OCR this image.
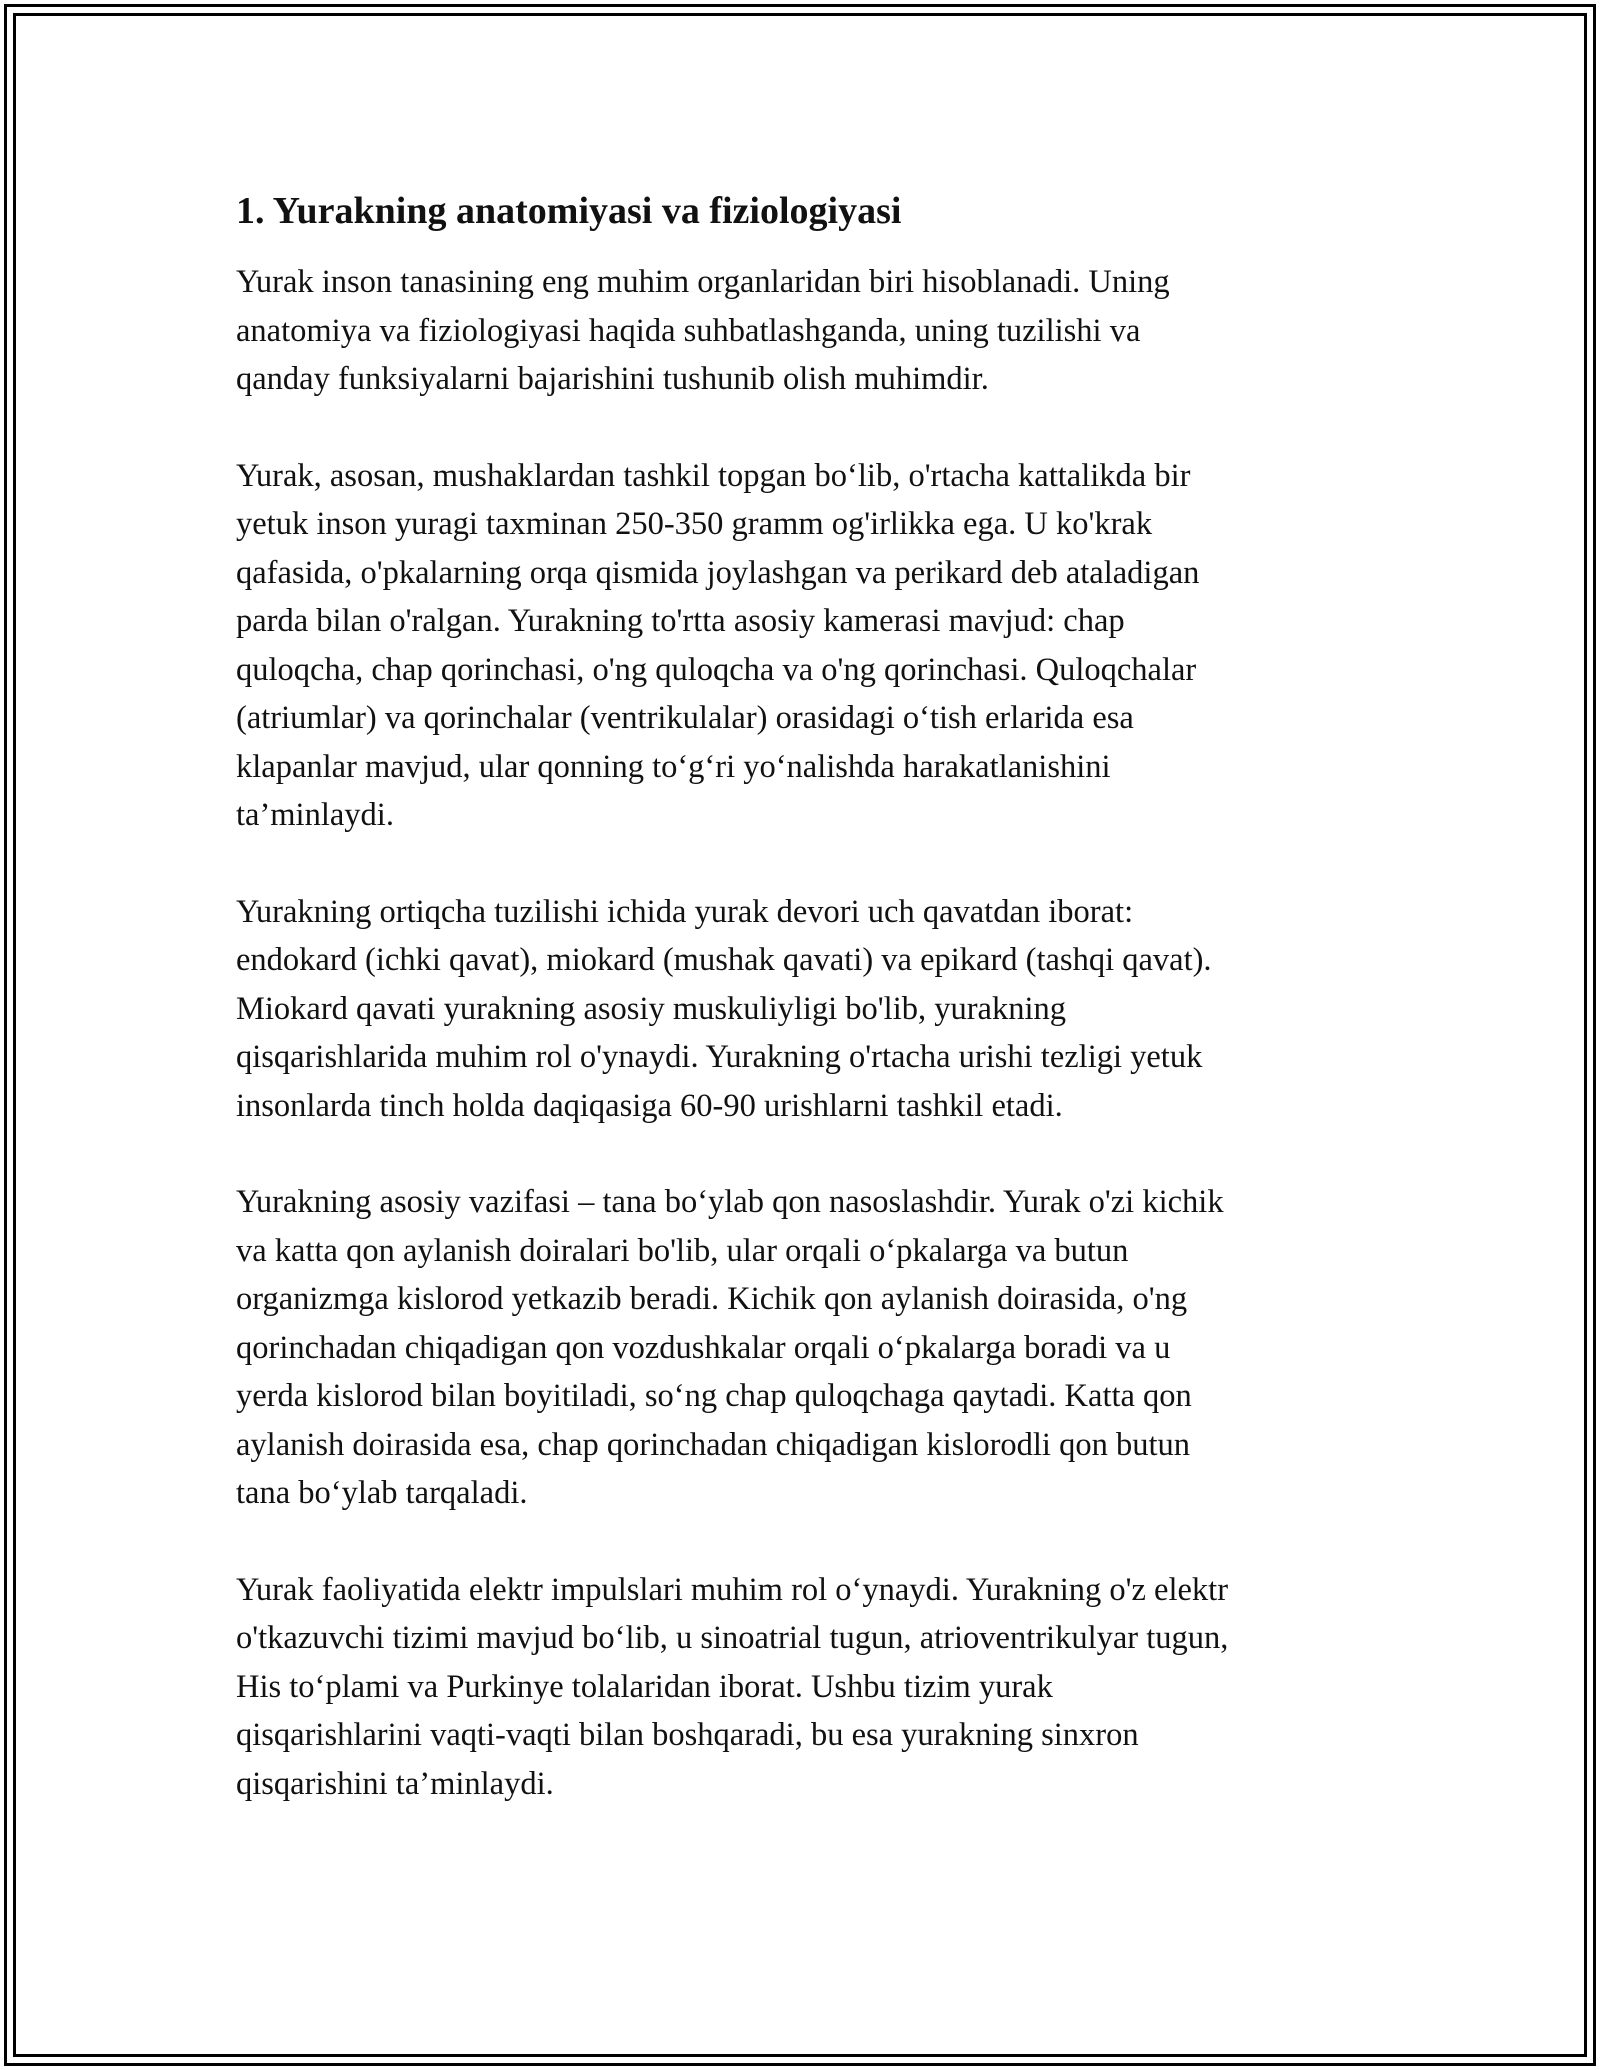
1. Yurakning anatomiyasi va fiziologiyasi

Yurak inson tanasining eng muhim organlaridan biri hisoblanadi. Uning
anatomiya va fiziologiyasi haqida suhbatlashganda, uning tuzilishi va
qanday funksiyalarni bajarishini tushunib olish muhimdir.

Yurak, asosan, mushaklardan tashkil topgan bo‘lib, o'rtacha kattalikda bir
yetuk inson yuragi taxminan 250-350 gramm og'irlikka ega. U ko'krak
qafasida, o'pkalarning orqa qismida joylashgan va perikard deb ataladigan
parda bilan o'ralgan. Yurakning to'rtta asosiy kamerasi mavjud: chap
quloqcha, chap qorinchasi, o'ng quloqcha va o'ng qorinchasi. Quloqchalar
(atriumlar) va qorinchalar (ventrikulalar) orasidagi o‘tish erlarida esa
klapanlar mavjud, ular qonning to‘g‘ri yo‘nalishda harakatlanishini
ta’minlaydi.

Yurakning ortiqcha tuzilishi ichida yurak devori uch qavatdan iborat:
endokard (ichki qavat), miokard (mushak qavati) va epikard (tashqi qavat).
Miokard qavati yurakning asosiy muskuliyligi bo'lib, yurakning
qisqarishlarida muhim rol o'ynaydi. Yurakning o'rtacha urishi tezligi yetuk
insonlarda tinch holda daqiqasiga 60-90 urishlarni tashkil etadi.

Yurakning asosiy vazifasi – tana bo‘ylab qon nasoslashdir. Yurak o'zi kichik
va katta qon aylanish doiralari bo'lib, ular orqali o‘pkalarga va butun
organizmga kislorod yetkazib beradi. Kichik qon aylanish doirasida, o'ng
qorinchadan chiqadigan qon vozdushkalar orqali o‘pkalarga boradi va u
yerda kislorod bilan boyitiladi, so‘ng chap quloqchaga qaytadi. Katta qon
aylanish doirasida esa, chap qorinchadan chiqadigan kislorodli qon butun
tana bo‘ylab tarqaladi.

Yurak faoliyatida elektr impulslari muhim rol o‘ynaydi. Yurakning o'z elektr
o'tkazuvchi tizimi mavjud bo‘lib, u sinoatrial tugun, atrioventrikulyar tugun,
His to‘plami va Purkinye tolalaridan iborat. Ushbu tizim yurak
qisqarishlarini vaqti-vaqti bilan boshqaradi, bu esa yurakning sinxron
qisqarishini ta’minlaydi.
